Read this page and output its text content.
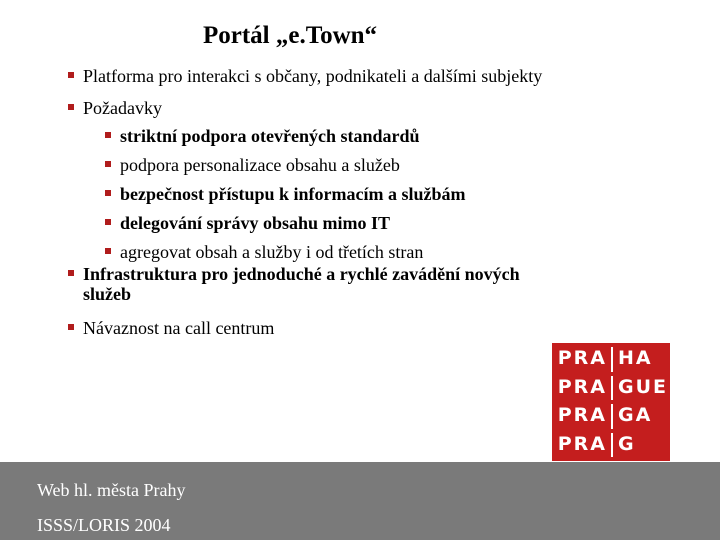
Portál „e.Town“
Platforma pro interakci s občany, podnikateli a dalšími subjekty
Požadavky
striktní podpora otevřených standardů
podpora personalizace obsahu a služeb
bezpečnost přístupu k informacím a službám
delegování správy obsahu mimo IT
agregovat obsah a služby i od třetích stran
Infrastruktura pro jednoduché a rychlé zavádění nových služeb
Návaznost na call centrum
PRA HA
PRA GUE
PRA GA
PRA G
Web hl. města Prahy
ISSS/LORIS 2004
